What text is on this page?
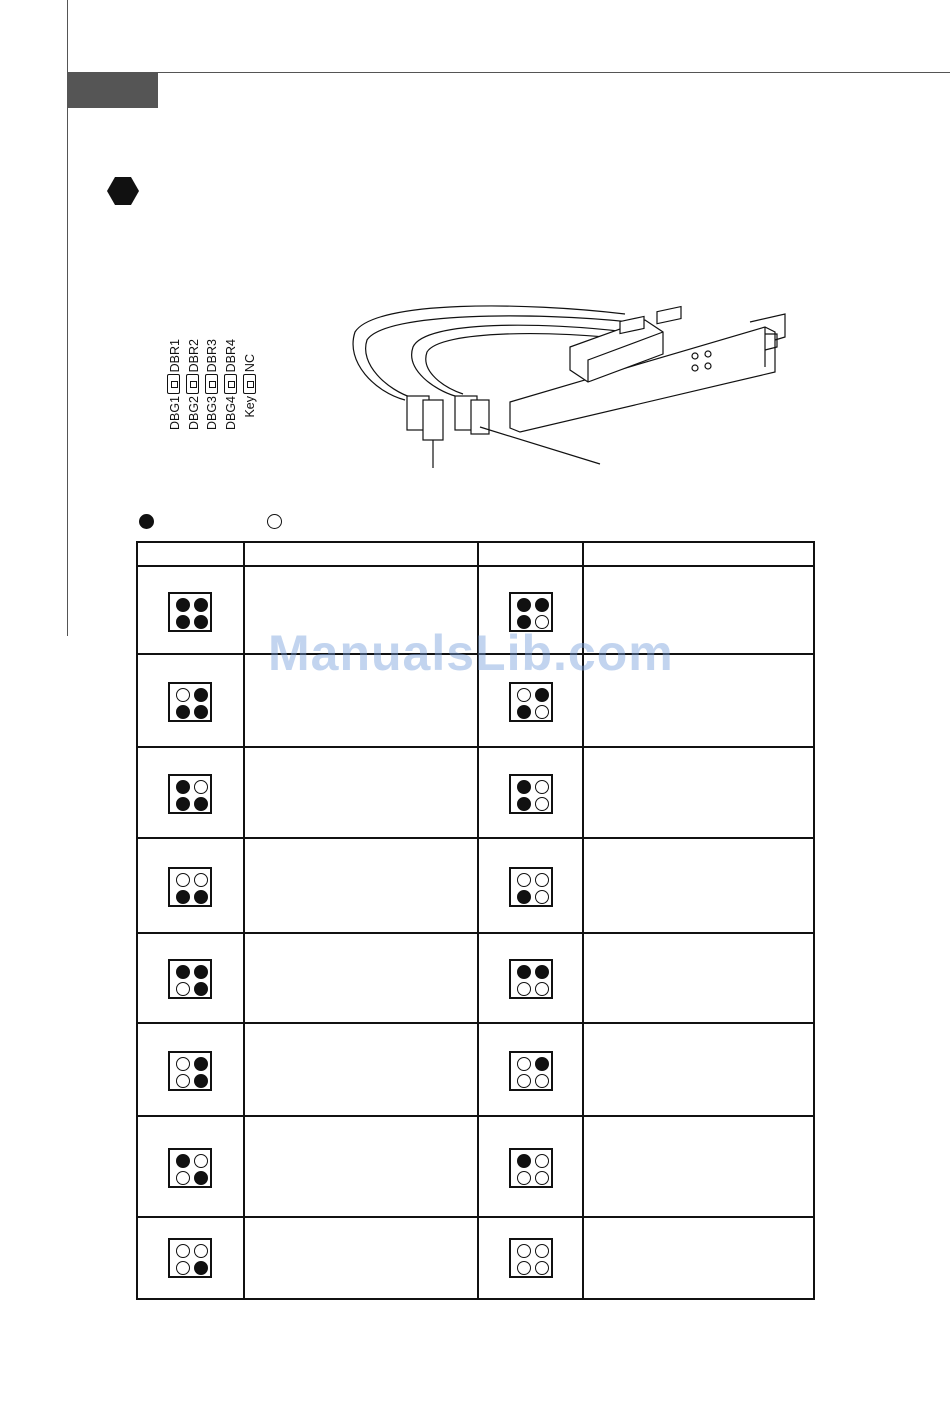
DBR1 DBR2 DBR3 DBR4 NC
DBG1 DBG2 DBG3 DBG4 Key
ManualsLib.com
